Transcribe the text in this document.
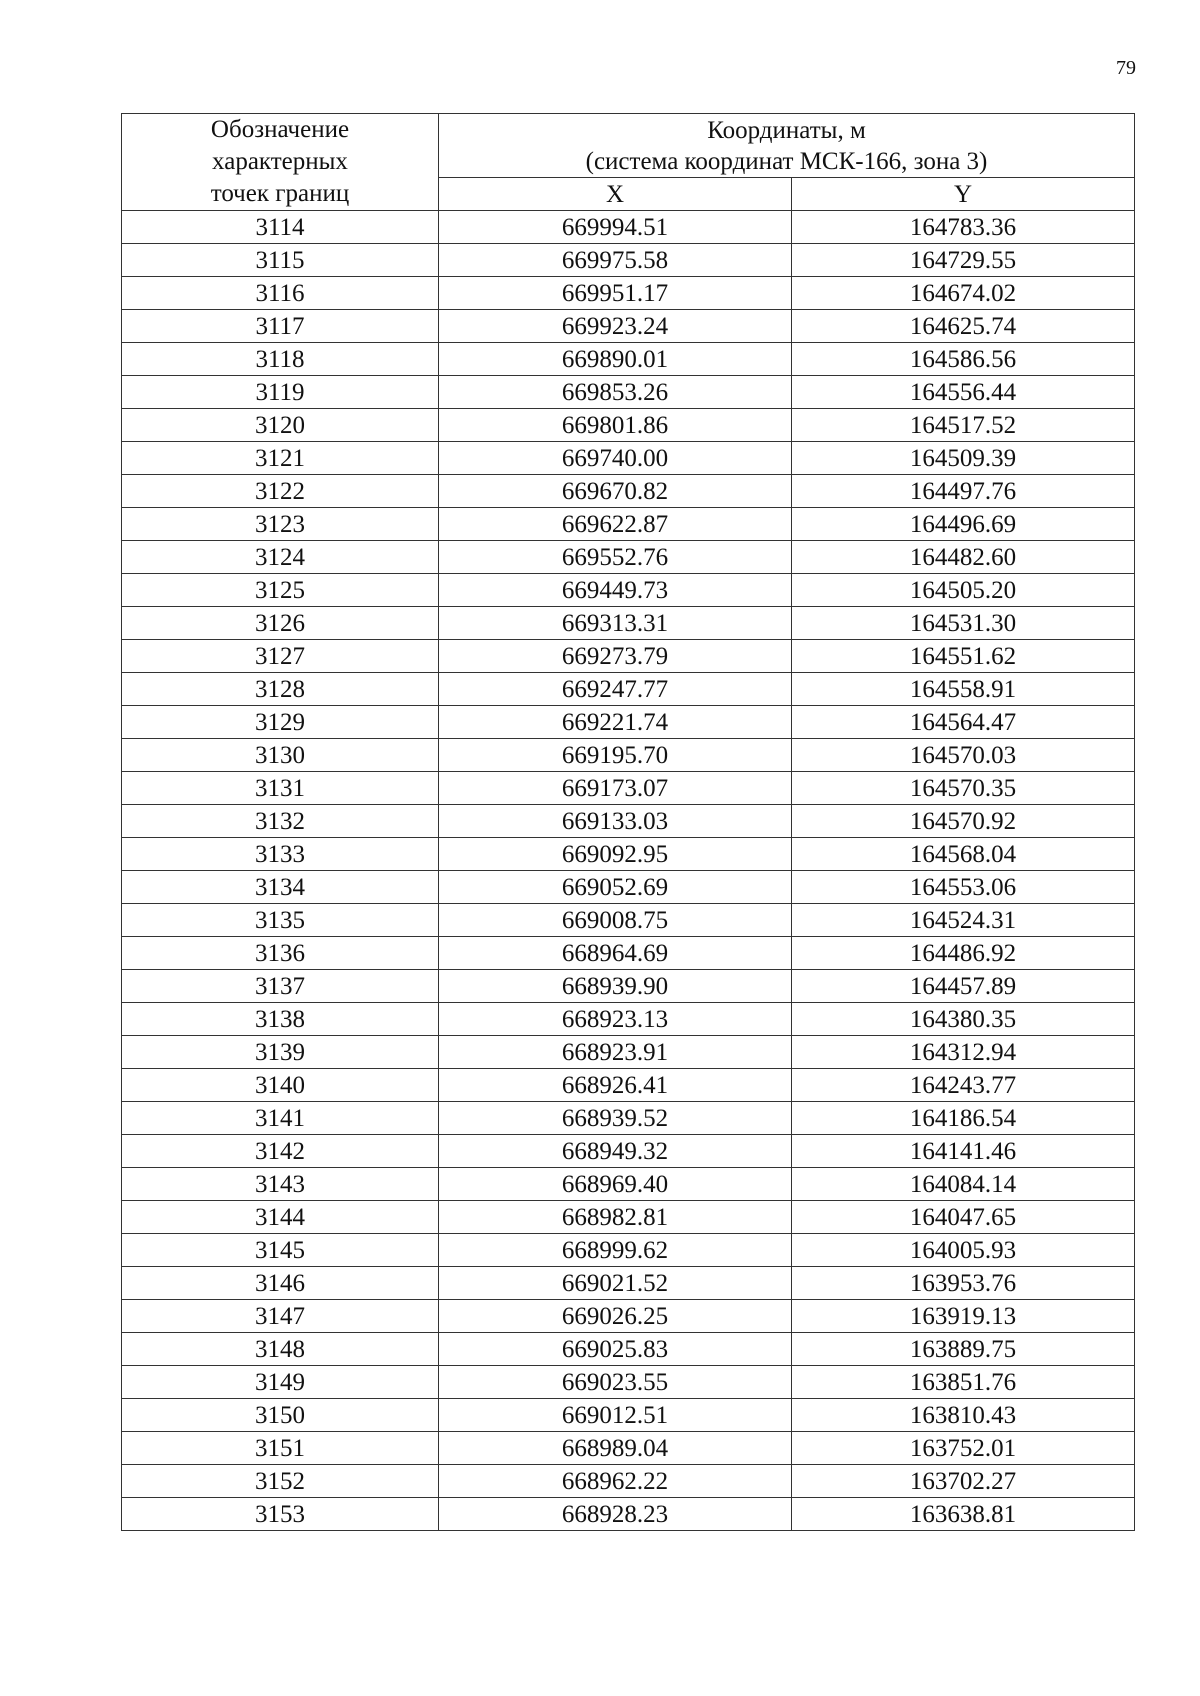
79
Обозначение
характерных
точек границ	Координаты, м
(система координат МСК-166, зона 3)	
	X	Y
3114	669994.51	164783.36
3115	669975.58	164729.55
3116	669951.17	164674.02
3117	669923.24	164625.74
3118	669890.01	164586.56
3119	669853.26	164556.44
3120	669801.86	164517.52
3121	669740.00	164509.39
3122	669670.82	164497.76
3123	669622.87	164496.69
3124	669552.76	164482.60
3125	669449.73	164505.20
3126	669313.31	164531.30
3127	669273.79	164551.62
3128	669247.77	164558.91
3129	669221.74	164564.47
3130	669195.70	164570.03
3131	669173.07	164570.35
3132	669133.03	164570.92
3133	669092.95	164568.04
3134	669052.69	164553.06
3135	669008.75	164524.31
3136	668964.69	164486.92
3137	668939.90	164457.89
3138	668923.13	164380.35
3139	668923.91	164312.94
3140	668926.41	164243.77
3141	668939.52	164186.54
3142	668949.32	164141.46
3143	668969.40	164084.14
3144	668982.81	164047.65
3145	668999.62	164005.93
3146	669021.52	163953.76
3147	669026.25	163919.13
3148	669025.83	163889.75
3149	669023.55	163851.76
3150	669012.51	163810.43
3151	668989.04	163752.01
3152	668962.22	163702.27
3153	668928.23	163638.81
